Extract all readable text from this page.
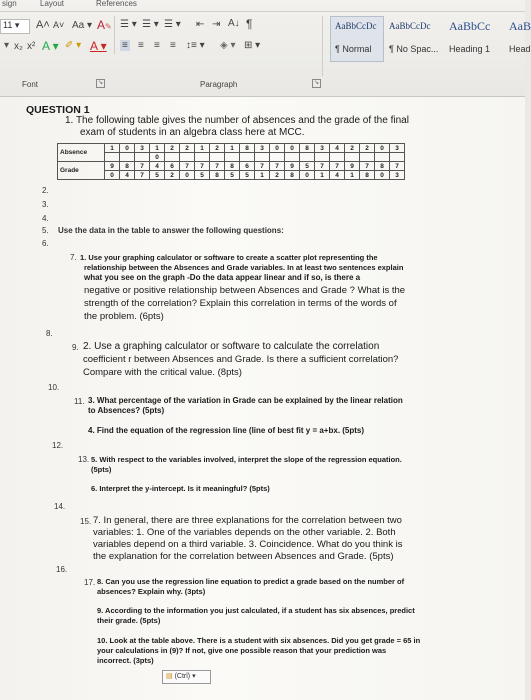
sign	Layout	References
11 ▾	A˄ A˅ Aa ▾ A✎ ☰ ▾ ☰ ▾ ☰ ▾ ⇤ ⇥ A↓ ¶
▾ x₂ x² A ▾ ✐ ▾ A ▾ ≡ ≡ ≡ ≡ ↕≡ ▾ ◈ ▾ ⊞ ▾
AaBbCcDc
¶ Normal
AaBbCcDc
¶ No Spac...
AaBbCc
Heading 1
AaB
Head
Font	↘	Paragraph	↘
QUESTION 1
1. The following table gives the number of absences and the grade of the final
exam of students in an algebra class here at MCC.
Absence	1	0	3	1	2	2	1	2	1	8	3	0	0	8	3	4	2	2	0	3
				0																
Grade	9	8	7	4	6	7	7	7	8	6	7	7	9	5	7	7	9	7	8	7
	0	4	7	5	2	0	5	8	5	5	1	2	8	0	1	4	1	8	0	3
2.
3.
4.
5. Use the data in the table to answer the following questions:
6.
7. 1. Use your graphing calculator or software to create a scatter plot representing the
relationship between the Absences and Grade variables. In at least two sentences explain
what you see on the graph -Do the data appear linear and if so, is there a
negative or positive relationship between Absences and Grade ? What is the
strength of the correlation? Explain this correlation in terms of the words of
the problem. (6pts)
8.
9. 2. Use a graphing calculator or software to calculate the correlation
coefficient r between Absences and Grade. Is there a sufficient correlation?
Compare with the critical value. (8pts)
10.
11. 3. What percentage of the variation in Grade can be explained by the linear relation
to Absences? (5pts)
4. Find the equation of the regression line (line of best fit y = a+bx. (5pts)
12.
13. 5. With respect to the variables involved, interpret the slope of the regression equation.
(5pts)
6. Interpret the y-intercept. Is it meaningful? (5pts)
14.
15. 7. In general, there are three explanations for the correlation between two
variables: 1. One of the variables depends on the other variable. 2. Both
variables depend on a third variable. 3. Coincidence. What do you think is
the explanation for the correlation between Absences and Grade. (5pts)
16.
17. 8. Can you use the regression line equation to predict a grade based on the number of
absences? Explain why. (3pts)
9. According to the information you just calculated, if a student has six absences, predict
their grade. (5pts)
10. Look at the table above. There is a student with six absences. Did you get grade = 65 in
your calculations in (9)? If not, give one possible reason that your prediction was
incorrect. (3pts)
▤ (Ctrl) ▾
